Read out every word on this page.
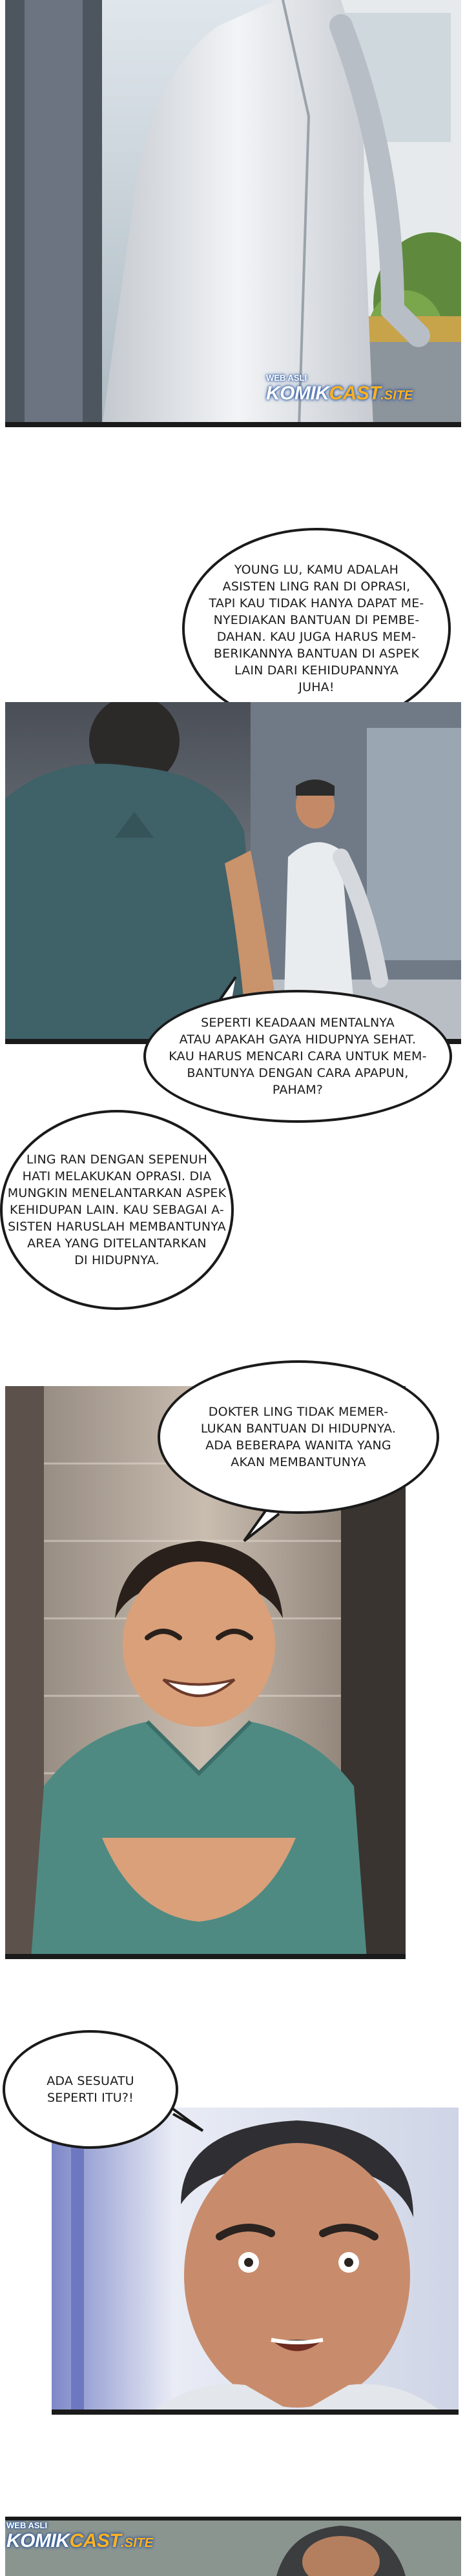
WEB ASLI
KOMIKCAST.SITE
YOUNG LU, KAMU ADALAH
ASISTEN LING RAN DI OPRASI,
TAPI KAU TIDAK HANYA DAPAT ME-
NYEDIAKAN BANTUAN DI PEMBE-
DAHAN. KAU JUGA HARUS MEM-
BERIKANNYA BANTUAN DI ASPEK
LAIN DARI KEHIDUPANNYA
JUHA!
SEPERTI KEADAAN MENTALNYA
ATAU APAKAH GAYA HIDUPNYA SEHAT.
KAU HARUS MENCARI CARA UNTUK MEM-
BANTUNYA DENGAN CARA APAPUN,
PAHAM?
LING RAN DENGAN SEPENUH
HATI MELAKUKAN OPRASI. DIA
MUNGKIN MENELANTARKAN ASPEK
KEHIDUPAN LAIN. KAU SEBAGAI A-
SISTEN HARUSLAH MEMBANTUNYA
AREA YANG DITELANTARKAN
DI HIDUPNYA.
DOKTER LING TIDAK MEMER-
LUKAN BANTUAN DI HIDUPNYA.
ADA BEBERAPA WANITA YANG
AKAN MEMBANTUNYA
ADA SESUATU
SEPERTI ITU?!
WEB ASLI
KOMIKCAST.SITE
